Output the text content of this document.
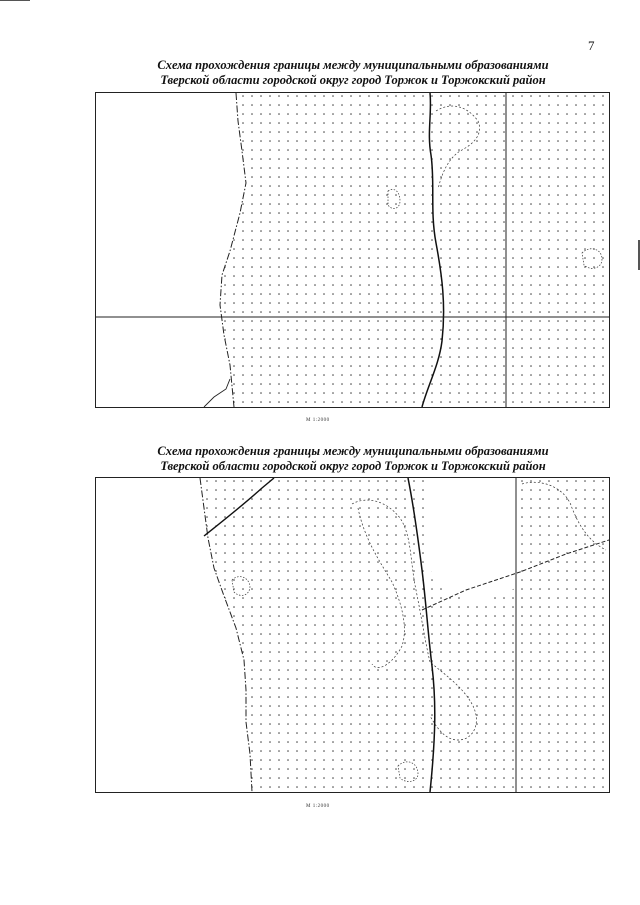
7
Схема прохождения границы между муниципальными образованиями
Тверской области городской округ город Торжок и Торжокский район
М 1:2000
Схема прохождения границы между муниципальными образованиями
Тверской области городской округ город Торжок и Торжокский район
М 1:2000
